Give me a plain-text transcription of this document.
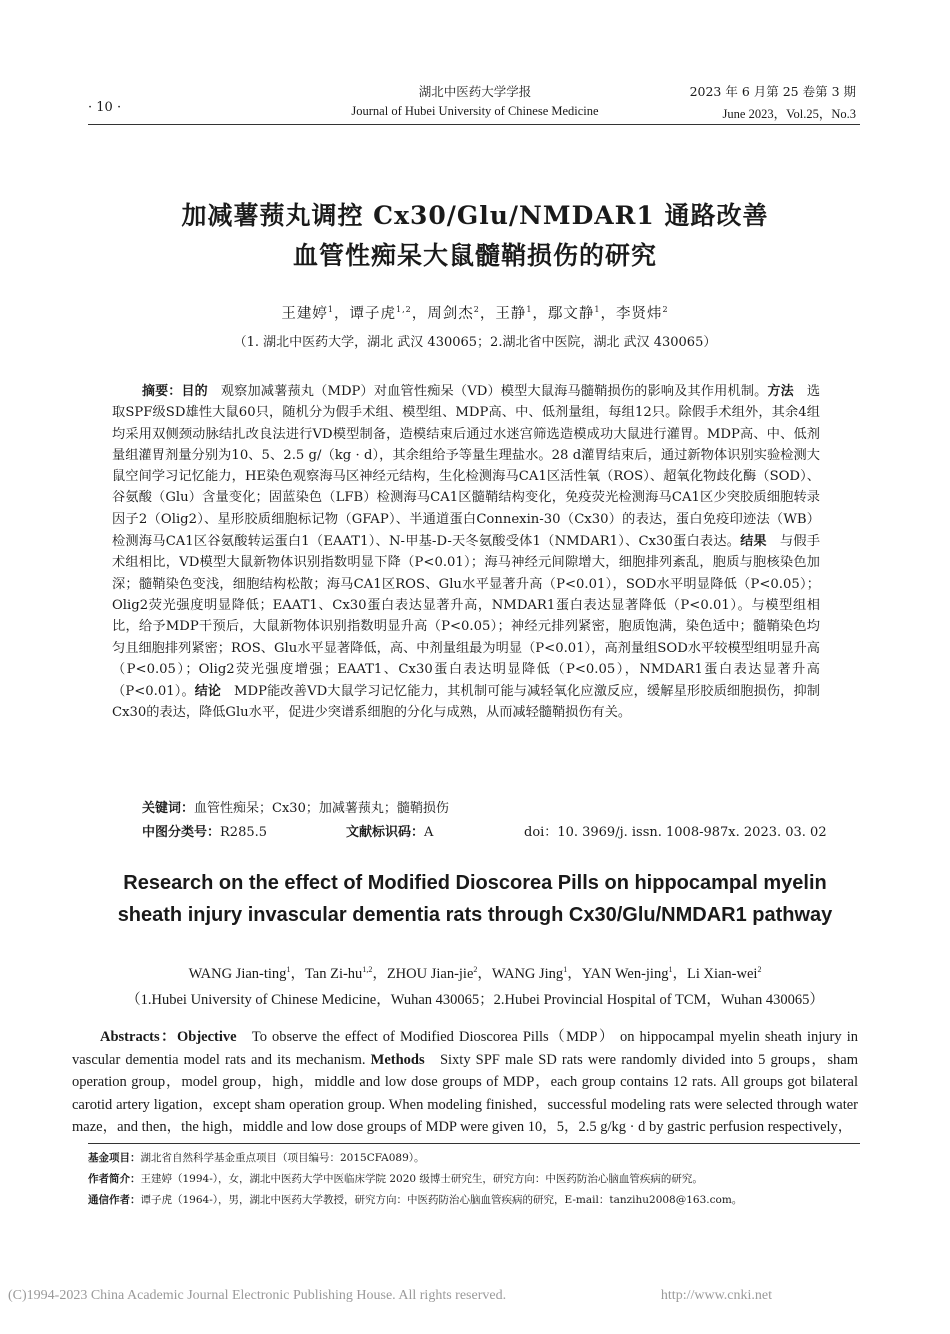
· 10 ·
湖北中医药大学学报
Journal of Hubei University of Chinese Medicine
2023 年 6 月第 25 卷第 3 期
June 2023，Vol.25，No.3
加减薯蓣丸调控 Cx30/Glu/NMDAR1 通路改善
血管性痴呆大鼠髓鞘损伤的研究
王建婷$^1$，谭子虎$^{1,2}$，周剑杰$^2$，王静$^1$，鄢文静$^1$，李贤炜$^2$
（1. 湖北中医药大学，湖北 武汉 430065；2.湖北省中医院，湖北 武汉 430065）
摘要：目的 观察加减薯蓣丸（MDP）对血管性痴呆（VD）模型大鼠海马髓鞘损伤的影响及其作用机制。方法 选取SPF级SD雄性大鼠60只，随机分为假手术组、模型组、MDP高、中、低剂量组，每组12只。除假手术组外，其余4组均采用双侧颈动脉结扎改良法进行VD模型制备，造模结束后通过水迷宫筛选造模成功大鼠进行灌胃。MDP高、中、低剂量组灌胃剂量分别为10、5、2.5 g/（kg · d），其余组给予等量生理盐水。28 d灌胃结束后，通过新物体识别实验检测大鼠空间学习记忆能力，HE染色观察海马区神经元结构，生化检测海马CA1区活性氧（ROS）、超氧化物歧化酶（SOD）、谷氨酸（Glu）含量变化；固蓝染色（LFB）检测海马CA1区髓鞘结构变化，免疫荧光检测海马CA1区少突胶质细胞转录因子2（Olig2）、星形胶质细胞标记物（GFAP）、半通道蛋白Connexin-30（Cx30）的表达，蛋白免疫印迹法（WB）检测海马CA1区谷氨酸转运蛋白1（EAAT1）、N-甲基-D-天冬氨酸受体1（NMDAR1）、Cx30蛋白表达。结果 与假手术组相比，VD模型大鼠新物体识别指数明显下降（P<0.01）；海马神经元间隙增大，细胞排列紊乱，胞质与胞核染色加深；髓鞘染色变浅，细胞结构松散；海马CA1区ROS、Glu水平显著升高（P<0.01），SOD水平明显降低（P<0.05）；Olig2荧光强度明显降低；EAAT1、Cx30蛋白表达显著升高，NMDAR1蛋白表达显著降低（P<0.01）。与模型组相比，给予MDP干预后，大鼠新物体识别指数明显升高（P<0.05）；神经元排列紧密，胞质饱满，染色适中；髓鞘染色均匀且细胞排列紧密；ROS、Glu水平显著降低，高、中剂量组最为明显（P<0.01），高剂量组SOD水平较模型组明显升高（P<0.05）；Olig2荧光强度增强；EAAT1、Cx30蛋白表达明显降低（P<0.05），NMDAR1蛋白表达显著升高（P<0.01）。结论 MDP能改善VD大鼠学习记忆能力，其机制可能与减轻氧化应激反应，缓解星形胶质细胞损伤，抑制Cx30的表达，降低Glu水平，促进少突谱系细胞的分化与成熟，从而减轻髓鞘损伤有关。
关键词：血管性痴呆；Cx30；加减薯蓣丸；髓鞘损伤
中图分类号：R285.5	文献标识码：A	doi：10. 3969/j. issn. 1008-987x. 2023. 03. 02
Research on the effect of Modified Dioscorea Pills on hippocampal myelin
sheath injury invascular dementia rats through Cx30/Glu/NMDAR1 pathway
WANG Jian-ting$^1$，Tan Zi-hu$^{1,2}$，ZHOU Jian-jie$^2$，WANG Jing$^1$，YAN Wen-jing$^1$，Li Xian-wei$^2$
（1.Hubei University of Chinese Medicine，Wuhan 430065；2.Hubei Provincial Hospital of TCM，Wuhan 430065）
Abstracts：Objective To observe the effect of Modified Dioscorea Pills（MDP） on hippocampal myelin sheath injury in vascular dementia model rats and its mechanism. Methods Sixty SPF male SD rats were randomly divided into 5 groups，sham operation group，model group，high，middle and low dose groups of MDP，each group contains 12 rats. All groups got bilateral carotid artery ligation，except sham operation group. When modeling finished，successful modeling rats were selected through water maze，and then，the high，middle and low dose groups of MDP were given 10，5，2.5 g/kg · d by gastric perfusion respectively，
基金项目：湖北省自然科学基金重点项目（项目编号：2015CFA089）。
作者简介：王建婷（1994-），女，湖北中医药大学中医临床学院 2020 级博士研究生，研究方向：中医药防治心脑血管疾病的研究。
通信作者：谭子虎（1964-），男，湖北中医药大学教授，研究方向：中医药防治心脑血管疾病的研究，E-mail：tanzihu2008@163.com。
(C)1994-2023 China Academic Journal Electronic Publishing House. All rights reserved.	http://www.cnki.net
